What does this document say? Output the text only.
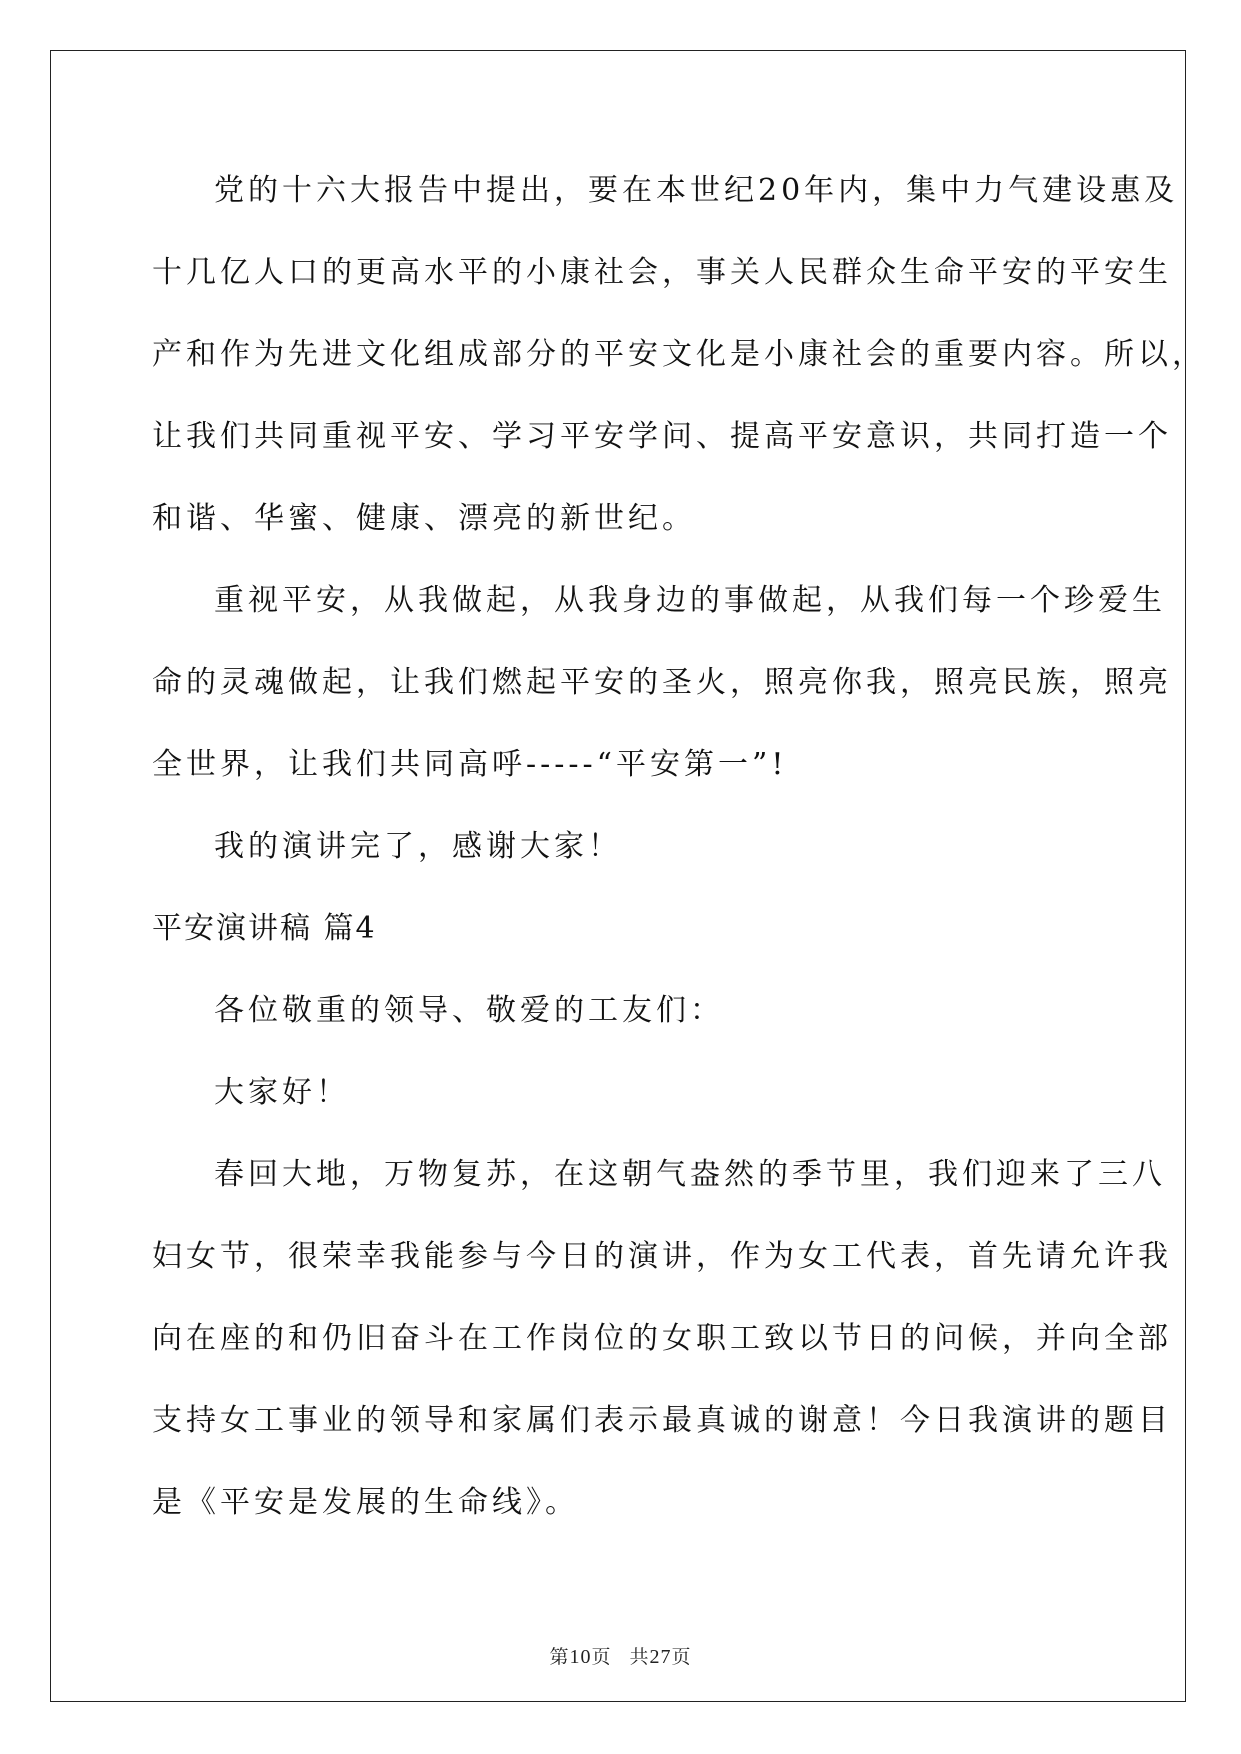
党的十六大报告中提出，要在本世纪20年内，集中力气建设惠及
十几亿人口的更高水平的小康社会，事关人民群众生命平安的平安生
产和作为先进文化组成部分的平安文化是小康社会的重要内容。所以，
让我们共同重视平安、学习平安学问、提高平安意识，共同打造一个
和谐、华蜜、健康、漂亮的新世纪。
重视平安，从我做起，从我身边的事做起，从我们每一个珍爱生
命的灵魂做起，让我们燃起平安的圣火，照亮你我，照亮民族，照亮
全世界，让我们共同高呼-----“平安第一”!
我的演讲完了，感谢大家！
平安演讲稿 篇4
各位敬重的领导、敬爱的工友们：
大家好！
春回大地，万物复苏，在这朝气盎然的季节里，我们迎来了三八
妇女节，很荣幸我能参与今日的演讲，作为女工代表，首先请允许我
向在座的和仍旧奋斗在工作岗位的女职工致以节日的问候，并向全部
支持女工事业的领导和家属们表示最真诚的谢意！今日我演讲的题目
是《平安是发展的生命线》。
第10页 共27页
